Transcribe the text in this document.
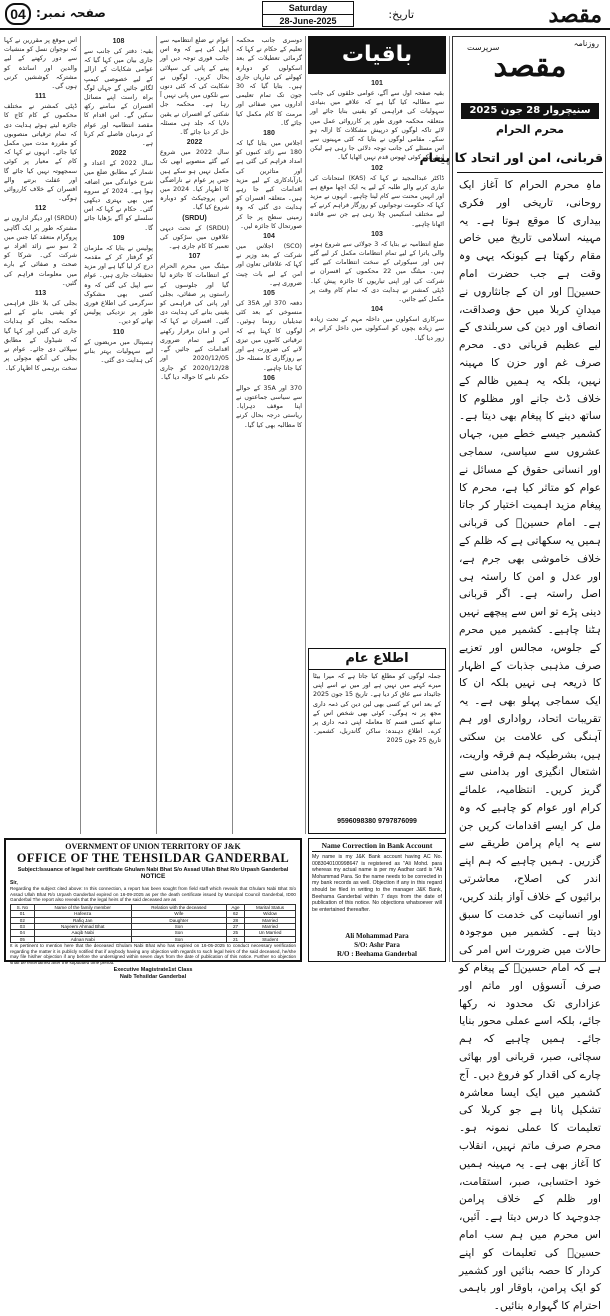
مقصد
تاریخ:
Saturday
28-June-2025
صفحہ نمبر:
04
روزنامہ
سرپرست
مقصد
سنیچروار 28 جون 2025
محرم الحرام
قربانی، امن اور اتحاد کا پیغام
ماہِ محرم الحرام کا آغاز ایک روحانی، تاریخی اور فکری بیداری کا موقع ہوتا ہے۔ یہ مہینہ اسلامی تاریخ میں خاص مقام رکھتا ہے کیونکہ یہی وہ وقت ہے جب حضرت امام حسینؓ اور ان کے جانثاروں نے میدانِ کربلا میں حق وصداقت، انصاف اور دین کی سربلندی کے لیے عظیم قربانی دی۔ محرم صرف غم اور حزن کا مہینہ نہیں، بلکہ یہ ہمیں ظالم کے خلاف ڈٹ جانے اور مظلوم کا ساتھ دینے کا پیغام بھی دیتا ہے۔ کشمیر جیسے خطے میں، جہاں عشروں سے سیاسی، سماجی اور انسانی حقوق کے مسائل نے عوام کو متاثر کیا ہے، محرم کا پیغام مزید اہمیت اختیار کر جاتا ہے۔ امام حسینؓ کی قربانی ہمیں یہ سکھاتی ہے کہ ظلم کے خلاف خاموشی بھی جرم ہے، اور عدل و امن کا راستہ ہی اصل راستہ ہے۔ اگر قربانی دینی پڑے تو اس سے پیچھے نہیں ہٹنا چاہیے۔ کشمیر میں محرم کے جلوس، مجالس اور تعزیے صرف مذہبی جذبات کے اظہار کا ذریعہ ہی نہیں بلکہ ان کا ایک سماجی پہلو بھی ہے۔ یہ تقریبات اتحاد، رواداری اور ہم آہنگی کی علامت بن سکتی ہیں، بشرطیکہ ہم فرقہ واریت، اشتعال انگیزی اور بدامنی سے گریز کریں۔ انتظامیہ، علمائے کرام اور عوام کو چاہیے کہ وہ مل کر ایسے اقدامات کریں جن سے یہ ایام پرامن طریقے سے گزریں۔ ہمیں چاہیے کہ ہم اپنے اندر کی اصلاح، معاشرتی برائیوں کے خلاف آواز بلند کریں، اور انسانیت کی خدمت کا سبق دیتا ہے۔ کشمیر میں موجودہ حالات میں ضرورت اس امر کی ہے کہ امام حسینؓ کے پیغام کو صرف آنسوؤں اور ماتم اور عزاداری تک محدود نہ رکھا جائے، بلکہ اسے عملی محور بنایا جائے۔ ہمیں چاہیے کہ ہم سچائی، صبر، قربانی اور بھائی چارے کی اقدار کو فروغ دیں۔ آج کشمیر میں ایک ایسا معاشرہ تشکیل پانا ہے جو کربلا کی تعلیمات کا عملی نمونہ ہو۔ محرم صرف ماتم نہیں، انقلاب کا آغاز بھی ہے۔ یہ مہینہ ہمیں خود احتسابی، صبر، استقامت، اور ظلم کے خلاف پرامن جدوجہد کا درس دیتا ہے۔ آئیں، اس محرم میں ہم سب امام حسینؓ کی تعلیمات کو اپنے کردار کا حصہ بنائیں اور کشمیر کو ایک پرامن، باوقار اور باہمی احترام کا گہوارہ بنائیں۔
باقیات
101

بقیہ صفحہ اول سے آگے، عوامی حلقوں کی جانب سے مطالبہ کیا گیا ہے کہ علاقے میں بنیادی سہولیات کی فراہمی کو یقینی بنایا جائے اور متعلقہ محکمہ فوری طور پر کارروائی عمل میں لائے تاکہ لوگوں کو درپیش مشکلات کا ازالہ ہو سکے۔ مقامی لوگوں نے بتایا کہ کئی مہینوں سے اس مسئلے کی جانب توجہ دلائی جا رہی ہے لیکن ابھی تک کوئی ٹھوس قدم نہیں اٹھایا گیا۔

102

ڈاکٹر عبدالمجید نے کہا کہ (KAS) امتحانات کی تیاری کرنے والے طلبہ کے لیے یہ ایک اچھا موقع ہے اور انہیں محنت سے کام لینا چاہیے۔ انہوں نے مزید کہا کہ حکومت نوجوانوں کو روزگار فراہم کرنے کے لیے مختلف اسکیمیں چلا رہی ہے جن سے فائدہ اٹھانا چاہیے۔

103

ضلع انتظامیہ نے بتایا کہ 3 جولائی سے شروع ہونے والی یاترا کے لیے تمام انتظامات مکمل کر لیے گئے ہیں اور سیکورٹی کے سخت انتظامات کیے گئے ہیں۔ میٹنگ میں 22 محکموں کے افسران نے شرکت کی اور اپنی تیاریوں کا جائزہ پیش کیا۔ ڈپٹی کمشنر نے ہدایت دی کہ تمام کام وقت پر مکمل کیے جائیں۔

104

سرکاری اسکولوں میں داخلہ مہم کے تحت زیادہ سے زیادہ بچوں کو اسکولوں میں داخل کرانے پر زور دیا گیا۔

دوسری جانب محکمہ تعلیم کے حکام نے کہا کہ گرمائی تعطیلات کے بعد اسکولوں کو دوبارہ کھولنے کی تیاریاں جاری ہیں۔ بتایا گیا کہ 30 جون تک تمام تعلیمی اداروں میں صفائی اور مرمت کا کام مکمل کیا جائے گا۔

180

اجلاس میں بتایا گیا کہ 180 سے زائد کنبوں کو امداد فراہم کی گئی ہے اور متاثرین کی بازآبادکاری کے لیے مزید اقدامات کیے جا رہے ہیں۔ متعلقہ افسران کو ہدایت دی گئی کہ وہ زمینی سطح پر جا کر صورتحال کا جائزہ لیں۔

104

(SCO) اجلاس میں شرکت کے بعد وزیر نے کہا کہ علاقائی تعاون اور امن کے لیے بات چیت ضروری ہے۔

105

دفعہ 370 اور 35A کی منسوخی کے بعد کئی تبدیلیاں رونما ہوئیں۔ لوگوں کا کہنا ہے کہ ترقیاتی کاموں میں تیزی لانے کی ضرورت ہے اور بے روزگاری کا مسئلہ حل کیا جانا چاہیے۔

106

370 اور 35A کے حوالے سے سیاسی جماعتوں نے اپنا موقف دہرایا۔ ریاستی درجہ بحال کرنے کا مطالبہ بھی کیا گیا۔

عوام نے ضلع انتظامیہ سے اپیل کی ہے کہ وہ اس جانب فوری توجہ دیں اور پینے کے پانی کی سپلائی بحال کریں۔ لوگوں نے شکایت کی کہ کئی دنوں سے نلکوں میں پانی نہیں آ رہا ہے۔ محکمہ جل شکتی کے افسران نے یقین دلایا کہ جلد ہی مسئلہ حل کر دیا جائے گا۔

2022

سال 2022 میں شروع کیے گئے منصوبے ابھی تک مکمل نہیں ہو سکے ہیں جس پر عوام نے ناراضگی کا اظہار کیا۔ 2024 میں اس پروجیکٹ کو دوبارہ شروع کیا گیا۔

(SRDU)

(SRDU) کے تحت دیہی علاقوں میں سڑکوں کی تعمیر کا کام جاری ہے۔

107

میٹنگ میں محرم الحرام کے انتظامات کا جائزہ لیا گیا اور جلوسوں کے راستوں پر صفائی، بجلی اور پانی کی فراہمی کو یقینی بنانے کی ہدایت دی گئی۔ افسران نے کہا کہ امن و امان برقرار رکھنے کے لیے تمام ضروری اقدامات کیے جائیں گے۔ 2020/12/05 اور 2020/12/28 کو جاری حکم نامے کا حوالہ دیا گیا۔

108

بقیہ: دفتر کی جانب سے جاری بیان میں کہا گیا کہ عوامی شکایات کے ازالے کے لیے خصوصی کیمپ لگائے جائیں گے جہاں لوگ براہ راست اپنے مسائل افسران کے سامنے رکھ سکیں گے۔ اس اقدام کا مقصد انتظامیہ اور عوام کے درمیان فاصلے کم کرنا ہے۔

2022

سال 2022 کے اعداد و شمار کے مطابق ضلع میں شرح خواندگی میں اضافہ ہوا ہے۔ 2024 کے سروے میں بھی بہتری دیکھی گئی۔ حکام نے کہا کہ اس سلسلے کو آگے بڑھایا جائے گا۔

109

پولیس نے بتایا کہ ملزمان کو گرفتار کر کے مقدمہ درج کر لیا گیا ہے اور مزید تحقیقات جاری ہیں۔ عوام سے اپیل کی گئی کہ وہ کسی بھی مشکوک سرگرمی کی اطلاع فوری طور پر نزدیکی پولیس تھانے کو دیں۔

110

ہسپتال میں مریضوں کے لیے سہولیات بہتر بنانے کی ہدایت دی گئی۔

اس موقع پر مقررین نے کہا کہ نوجوان نسل کو منشیات سے دور رکھنے کے لیے والدین اور اساتذہ کو مشترکہ کوششیں کرنی ہوں گی۔

111

ڈپٹی کمشنر نے مختلف محکموں کے کام کاج کا جائزہ لیتے ہوئے ہدایت دی کہ تمام ترقیاتی منصوبوں کو مقررہ مدت میں مکمل کیا جائے۔ انہوں نے کہا کہ کام کے معیار پر کوئی سمجھوتہ نہیں کیا جائے گا اور غفلت برتنے والے افسران کے خلاف کارروائی ہوگی۔

112

(SRDU) اور دیگر اداروں نے مشترکہ طور پر ایک آگاہی پروگرام منعقد کیا جس میں 2 سو سے زائد افراد نے شرکت کی۔ شرکا کو صحت و صفائی کے بارے میں معلومات فراہم کی گئیں۔

113

بجلی کی بلا خلل فراہمی کو یقینی بنانے کے لیے محکمہ بجلی کو ہدایات جاری کی گئیں اور کہا گیا کہ شیڈول کے مطابق سپلائی دی جائے۔ عوام نے بجلی کی آنکھ مچولی پر سخت برہمی کا اظہار کیا۔

اطلاع عام
جملہ لوگوں کو مطلع کیا جاتا ہے کہ میرا بیٹا میرے کہنے میں نہیں ہے اور میں نے اسے اپنی جائیداد سے عاق کر دیا ہے۔ تاریخ 15 جون 2025 کے بعد اس کے کسی بھی لین دین کی ذمہ داری مجھ پر نہ ہوگی۔ کوئی بھی شخص اس کے ساتھ کسی قسم کا معاملہ اپنی ذمہ داری پر کرے۔ اطلاع دہندہ: ساکن گاندربل، کشمیر۔ تاریخ 25 جون 2025
9596098380 9797876099
OVERNMENT OF UNION TERRITORY OF J&K
OFFICE OF THE TEHSILDAR GANDERBAL
Subject:Issuance of legal heir certificate Ghulam Nabi Bhat S/o Assad Ullah Bhat R/o Urpash Ganderbal
NOTICE
Sir,
Regarding the subject cited above: In this connection, a report has been sought from field staff which reveals that Ghulam Nabi Bhat S/o Assad Ullah Bhat R/o Urpash Ganderbal expired on 16-09-2025 as per the death certificate issued by Muncipal Council Ganderbal, ID00 Ganderbal The report also reveals that the legal heirs of the said deceased are as
S. No	Name of the family member	Relation with the deceased	Age	Marital Status
01	Hafeeza	Wife	62	Widow
02	Rafiq Jan	Daughter	28	Married
03	Nayeem Ahmad Bhat	Son	27	Married
04	Aaqib Nabi	Son	25	Un Married
05	Adnan Nabi	Son	21	Student
It is pertinent to mention here that the deceased Ghulam Nabi Bhat who has expired on 16-05-2025 to conduct necessary verification regarding the matter it is publicly notified that if anybody having any objection with regards to such legal heirs of the said deceased, he/she may file his/her objection if any before the undersigned within seven days from the date of publication of this notice. Further no objection shall be entertained after the stipulated time period.
Executive Magistrate1st Class
Naib Tehsildar Ganderbal
Name Correction in Bank Account
My name is my J&K Bank account having AC No. 0083040100998647 is registered as "Ali Mohd. para whereas my actual name is per my Aadhar card is "Ali Mohammad Para. So the name needs to be corrected in my bank records as well. Objection if any in this regard should be filed in writing to the manager J&K Bank, Beehama Ganderbal within 7 days from the date of publication of this notice. No objections whatsoever will be entertained thereafter.
Ali Mohammad Para
S/O: Ashr Para
R/O : Beehama Ganderbal
